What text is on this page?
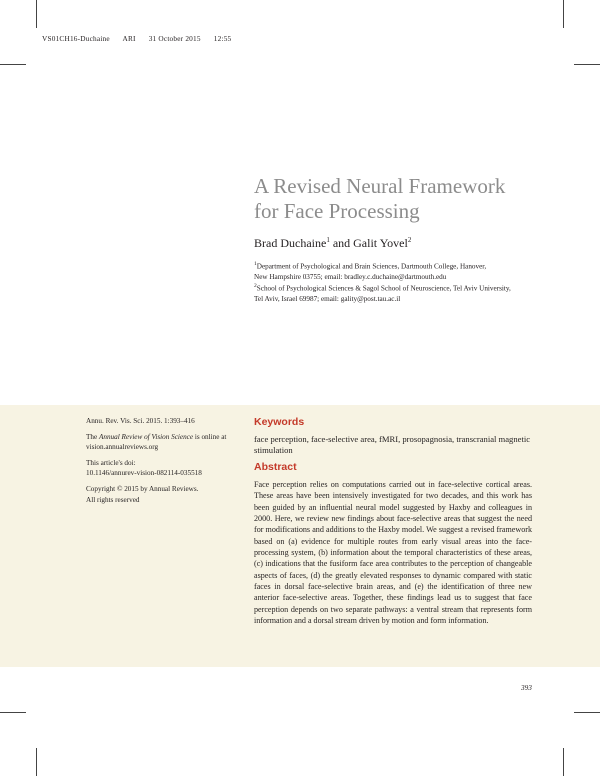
VS01CH16-Duchaine ARI 31 October 2015 12:55
A Revised Neural Framework
for Face Processing
Brad Duchaine$^1$ and Galit Yovel$^2$
$^1$Department of Psychological and Brain Sciences, Dartmouth College, Hanover,
New Hampshire 03755; email: bradley.c.duchaine@dartmouth.edu
$^2$School of Psychological Sciences & Sagol School of Neuroscience, Tel Aviv University,
Tel Aviv, Israel 69987; email: gality@post.tau.ac.il

Annu. Rev. Vis. Sci. 2015. 1:393–416

The Annual Review of Vision Science is online at vision.annualreviews.org

This article's doi:
10.1146/annurev-vision-082114-035518

Copyright © 2015 by Annual Reviews.
All rights reserved

Keywords
face perception, face-selective area, fMRI, prosopagnosia, transcranial magnetic stimulation
Abstract
Face perception relies on computations carried out in face-selective cortical areas. These areas have been intensively investigated for two decades, and this work has been guided by an influential neural model suggested by Haxby and colleagues in 2000. Here, we review new findings about face-selective areas that suggest the need for modifications and additions to the Haxby model. We suggest a revised framework based on (a) evidence for multiple routes from early visual areas into the face-processing system, (b) information about the temporal characteristics of these areas, (c) indications that the fusiform face area contributes to the perception of changeable aspects of faces, (d) the greatly elevated responses to dynamic compared with static faces in dorsal face-selective brain areas, and (e) the identification of three new anterior face-selective areas. Together, these findings lead us to suggest that face perception depends on two separate pathways: a ventral stream that represents form information and a dorsal stream driven by motion and form information.
393
